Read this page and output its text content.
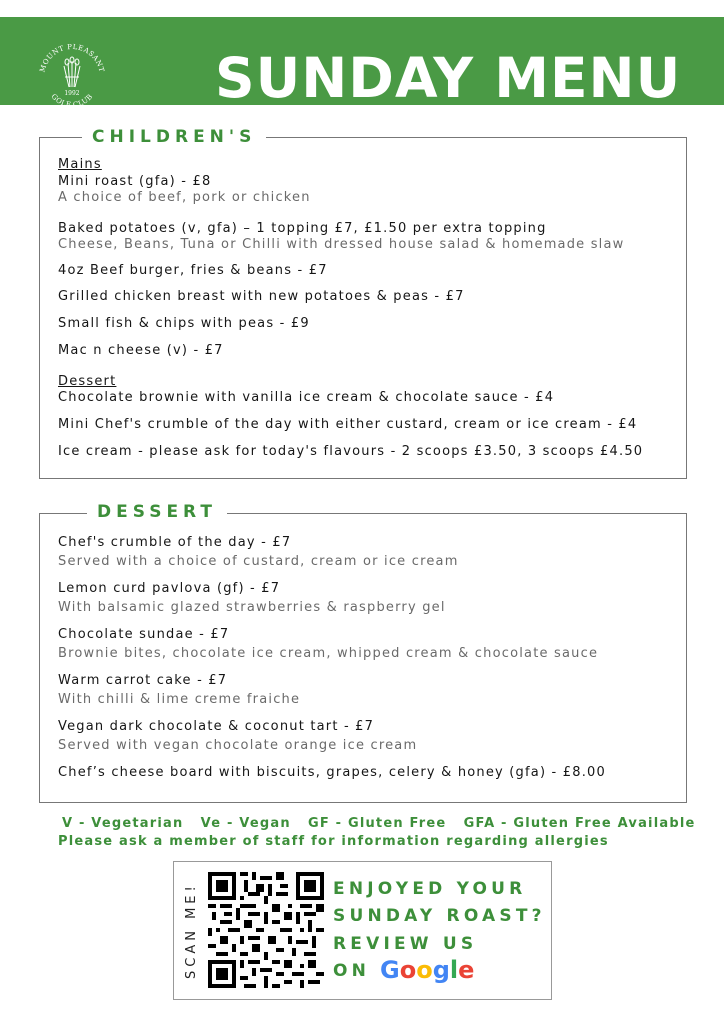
MOUNT PLEASANT
GOLF CLUB
1992 SUNDAY MENU
CHILDREN'S
Mains
Mini roast (gfa) - £8
A choice of beef, pork or chicken
Baked potatoes (v, gfa) – 1 topping £7, £1.50 per extra topping
Cheese, Beans, Tuna or Chilli with dressed house salad & homemade slaw
4oz Beef burger, fries & beans - £7
Grilled chicken breast with new potatoes & peas - £7
Small fish & chips with peas - £9
Mac n cheese (v) - £7
Dessert
Chocolate brownie with vanilla ice cream & chocolate sauce - £4
Mini Chef's crumble of the day with either custard, cream or ice cream - £4
Ice cream - please ask for today's flavours - 2 scoops £3.50, 3 scoops £4.50
DESSERT
Chef's crumble of the day - £7
Served with a choice of custard, cream or ice cream
Lemon curd pavlova (gf) - £7
With balsamic glazed strawberries & raspberry gel
Chocolate sundae - £7
Brownie bites, chocolate ice cream, whipped cream & chocolate sauce
Warm carrot cake - £7
With chilli & lime creme fraiche
Vegan dark chocolate & coconut tart - £7
Served with vegan chocolate orange ice cream
Chef’s cheese board with biscuits, grapes, celery & honey (gfa) - £8.00
V - Vegetarian   Ve - Vegan   GF - Gluten Free   GFA - Gluten Free Available
Please ask a member of staff for information regarding allergies
SCAN ME!	ENJOYED YOUR
SUNDAY ROAST?
REVIEW US
ON Google
